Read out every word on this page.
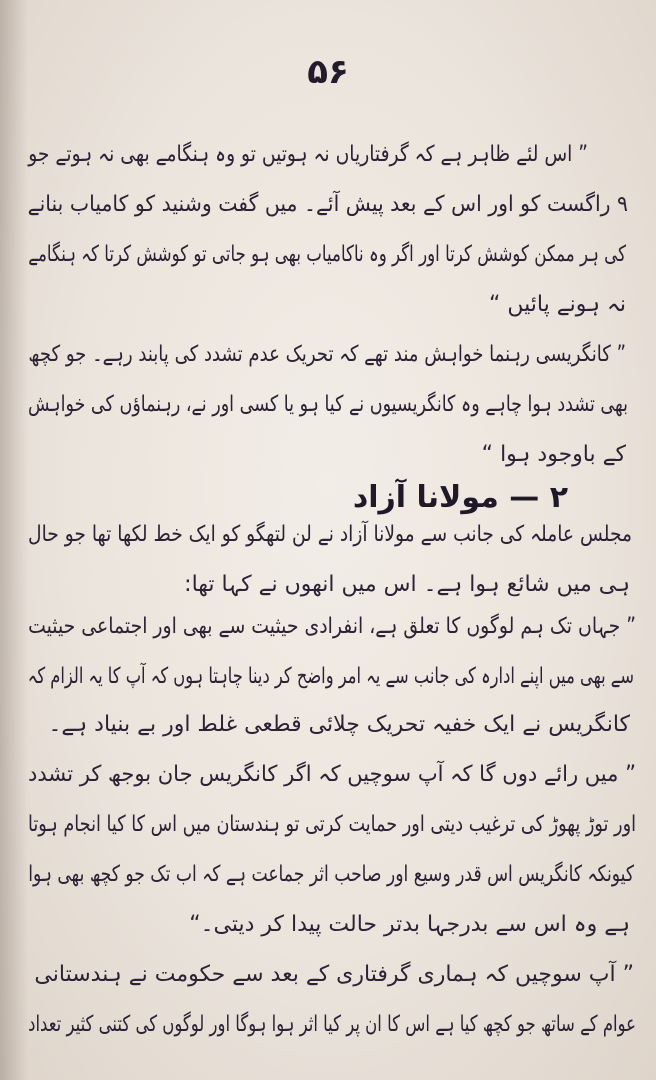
۵۶
” اس لئے ظاہر ہے کہ گرفتاریاں نہ ہوتیں تو وہ ہنگامے بھی نہ ہوتے جو
۹ راگست کو اور اس کے بعد پیش آئے۔ میں گفت وشنید کو کامیاب بنانے
کی ہر ممکن کوشش کرتا اور اگر وہ ناکامیاب بھی ہو جاتی تو کوشش کرتا کہ ہنگامے
نہ ہونے پائیں “
” کانگریسی رہنما خواہش مند تھے کہ تحریک عدم تشدد کی پابند رہے۔ جو کچھ
بھی تشدد ہوا چاہے وہ کانگریسیوں نے کیا ہو یا کسی اور نے، رہنماؤں کی خواہش
کے باوجود ہوا “
۲ — مولانا آزاد
مجلس عاملہ کی جانب سے مولانا آزاد نے لن لتھگو کو ایک خط لکھا تھا جو حال
ہی میں شائع ہوا ہے۔ اس میں انھوں نے کہا تھا:
” جہاں تک ہم لوگوں کا تعلق ہے، انفرادی حیثیت سے بھی اور اجتماعی حیثیت
سے بھی میں اپنے ادارہ کی جانب سے یہ امر واضح کر دینا چاہتا ہوں کہ آپ کا یہ الزام کہ
کانگریس نے ایک خفیہ تحریک چلائی قطعی غلط اور بے بنیاد ہے۔
” میں رائے دوں گا کہ آپ سوچیں کہ اگر کانگریس جان بوجھ کر تشدد
اور توڑ پھوڑ کی ترغیب دیتی اور حمایت کرتی تو ہندستان میں اس کا کیا انجام ہوتا
کیونکہ کانگریس اس قدر وسیع اور صاحب اثر جماعت ہے کہ اب تک جو کچھ بھی ہوا
ہے وہ اس سے بدرجہا بدتر حالت پیدا کر دیتی۔“
” آپ سوچیں کہ ہماری گرفتاری کے بعد سے حکومت نے ہندستانی
عوام کے ساتھ جو کچھ کیا ہے اس کا ان پر کیا اثر ہوا ہوگا اور لوگوں کی کتنی کثیر تعداد
